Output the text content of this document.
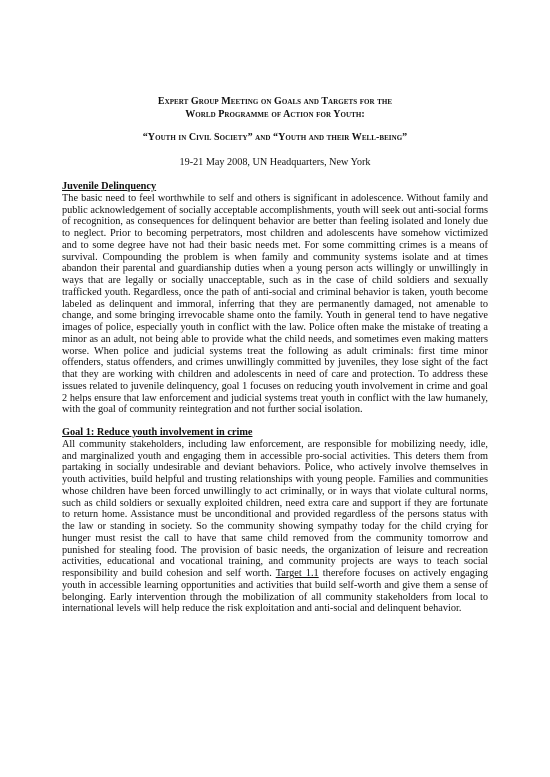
Expert Group Meeting on Goals and Targets for the
World Programme of Action for Youth:
“Youth in Civil Society” and “Youth and their Well-being”
19-21 May 2008, UN Headquarters, New York
Juvenile Delinquency

The basic need to feel worthwhile to self and others is significant in adolescence. Without family and public acknowledgement of socially acceptable accomplishments, youth will seek out anti-social forms of recognition, as consequences for delinquent behavior are better than feeling isolated and lonely due to neglect. Prior to becoming perpetrators, most children and adolescents have somehow victimized and to some degree have not had their basic needs met. For some committing crimes is a means of survival. Compounding the problem is when family and community systems isolate and at times abandon their parental and guardianship duties when a young person acts willingly or unwillingly in ways that are legally or socially unacceptable, such as in the case of child soldiers and sexually trafficked youth. Regardless, once the path of anti-social and criminal behavior is taken, youth become labeled as delinquent and immoral, inferring that they are permanently damaged, not amenable to change, and some bringing irrevocable shame onto the family. Youth in general tend to have negative images of police, especially youth in conflict with the law. Police often make the mistake of treating a minor as an adult, not being able to provide what the child needs, and sometimes even making matters worse. When police and judicial systems treat the following as adult criminals: first time minor offenders, status offenders, and crimes unwillingly committed by juveniles, they lose sight of the fact that they are working with children and adolescents in need of care and protection. To address these issues related to juvenile delinquency, goal 1 focuses on reducing youth involvement in crime and goal 2 helps ensure that law enforcement and judicial systems treat youth in conflict with the law humanely, with the goal of community reintegration and not further social isolation.

Goal 1: Reduce youth involvement in crime

All community stakeholders, including law enforcement, are responsible for mobilizing needy, idle, and marginalized youth and engaging them in accessible pro-social activities. This deters them from partaking in socially undesirable and deviant behaviors. Police, who actively involve themselves in youth activities, build helpful and trusting relationships with young people. Families and communities whose children have been forced unwillingly to act criminally, or in ways that violate cultural norms, such as child soldiers or sexually exploited children, need extra care and support if they are fortunate to return home. Assistance must be unconditional and provided regardless of the persons status with the law or standing in society. So the community showing sympathy today for the child crying for hunger must resist the call to have that same child removed from the community tomorrow and punished for stealing food. The provision of basic needs, the organization of leisure and recreation activities, educational and vocational training, and community projects are ways to teach social responsibility and build cohesion and self worth. Target 1.1 therefore focuses on actively engaging youth in accessible learning opportunities and activities that build self-worth and give them a sense of belonging. Early intervention through the mobilization of all community stakeholders from local to international levels will help reduce the risk exploitation and anti-social and delinquent behavior.
